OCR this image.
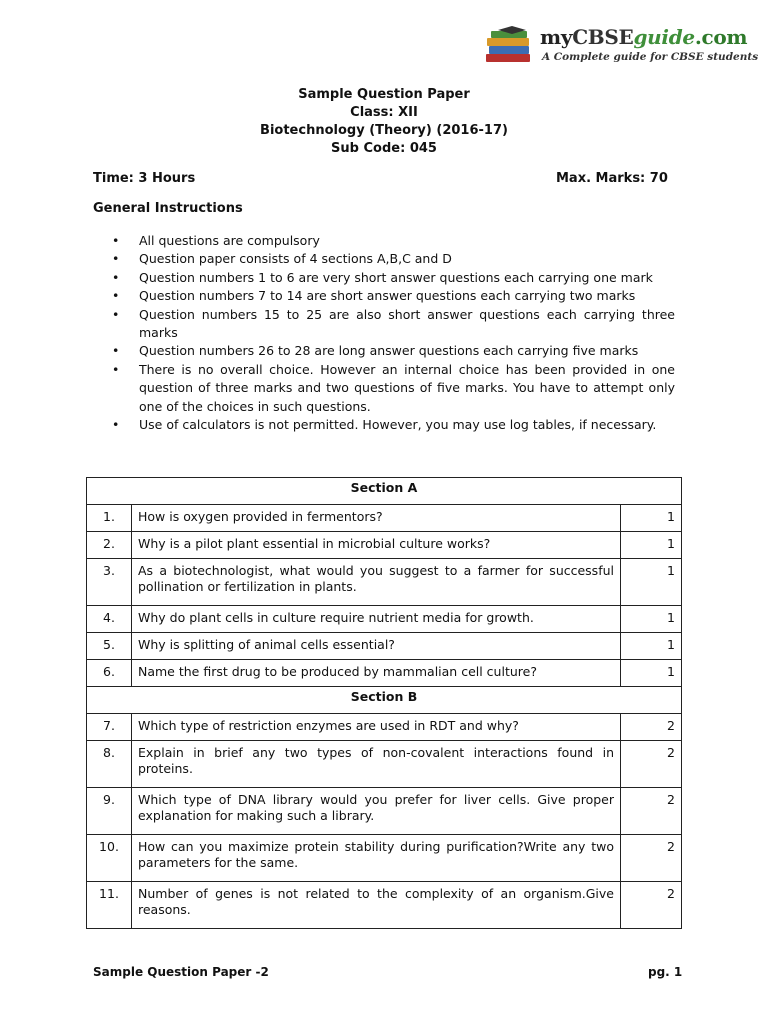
myCBSEguide.com
A Complete guide for CBSE students
Sample Question Paper
Class: XII
Biotechnology (Theory) (2016-17)
Sub Code: 045
Time: 3 Hours	Max. Marks: 70
General Instructions
• All questions are compulsory
• Question paper consists of 4 sections A,B,C and D
• Question numbers 1 to 6 are very short answer questions each carrying one mark
• Question numbers 7 to 14 are short answer questions each carrying two marks
• Question numbers 15 to 25 are also short answer questions each carrying three marks
• Question numbers 26 to 28 are long answer questions each carrying five marks
• There is no overall choice. However an internal choice has been provided in one question of three marks and two questions of five marks. You have to attempt only one of the choices in such questions.
• Use of calculators is not permitted. However, you may use log tables, if necessary.
Section A		
1.	How is oxygen provided in fermentors?	1
2.	Why is a pilot plant essential in microbial culture works?	1
3.	As a biotechnologist, what would you suggest to a farmer for successful pollination or fertilization in plants.	1
4.	Why do plant cells in culture require nutrient media for growth.	1
5.	Why is splitting of animal cells essential?	1
6.	Name the first drug to be produced by mammalian cell culture?	1
Section B		
7.	Which type of restriction enzymes are used in RDT and why?	2
8.	Explain in brief any two types of non-covalent interactions found in proteins.	2
9.	Which type of DNA library would you prefer for liver cells. Give proper explanation for making such a library.	2
10.	How can you maximize protein stability during purification?Write any two parameters for the same.	2
11.	Number of genes is not related to the complexity of an organism.Give reasons.	2
Sample Question Paper -2	pg. 1
